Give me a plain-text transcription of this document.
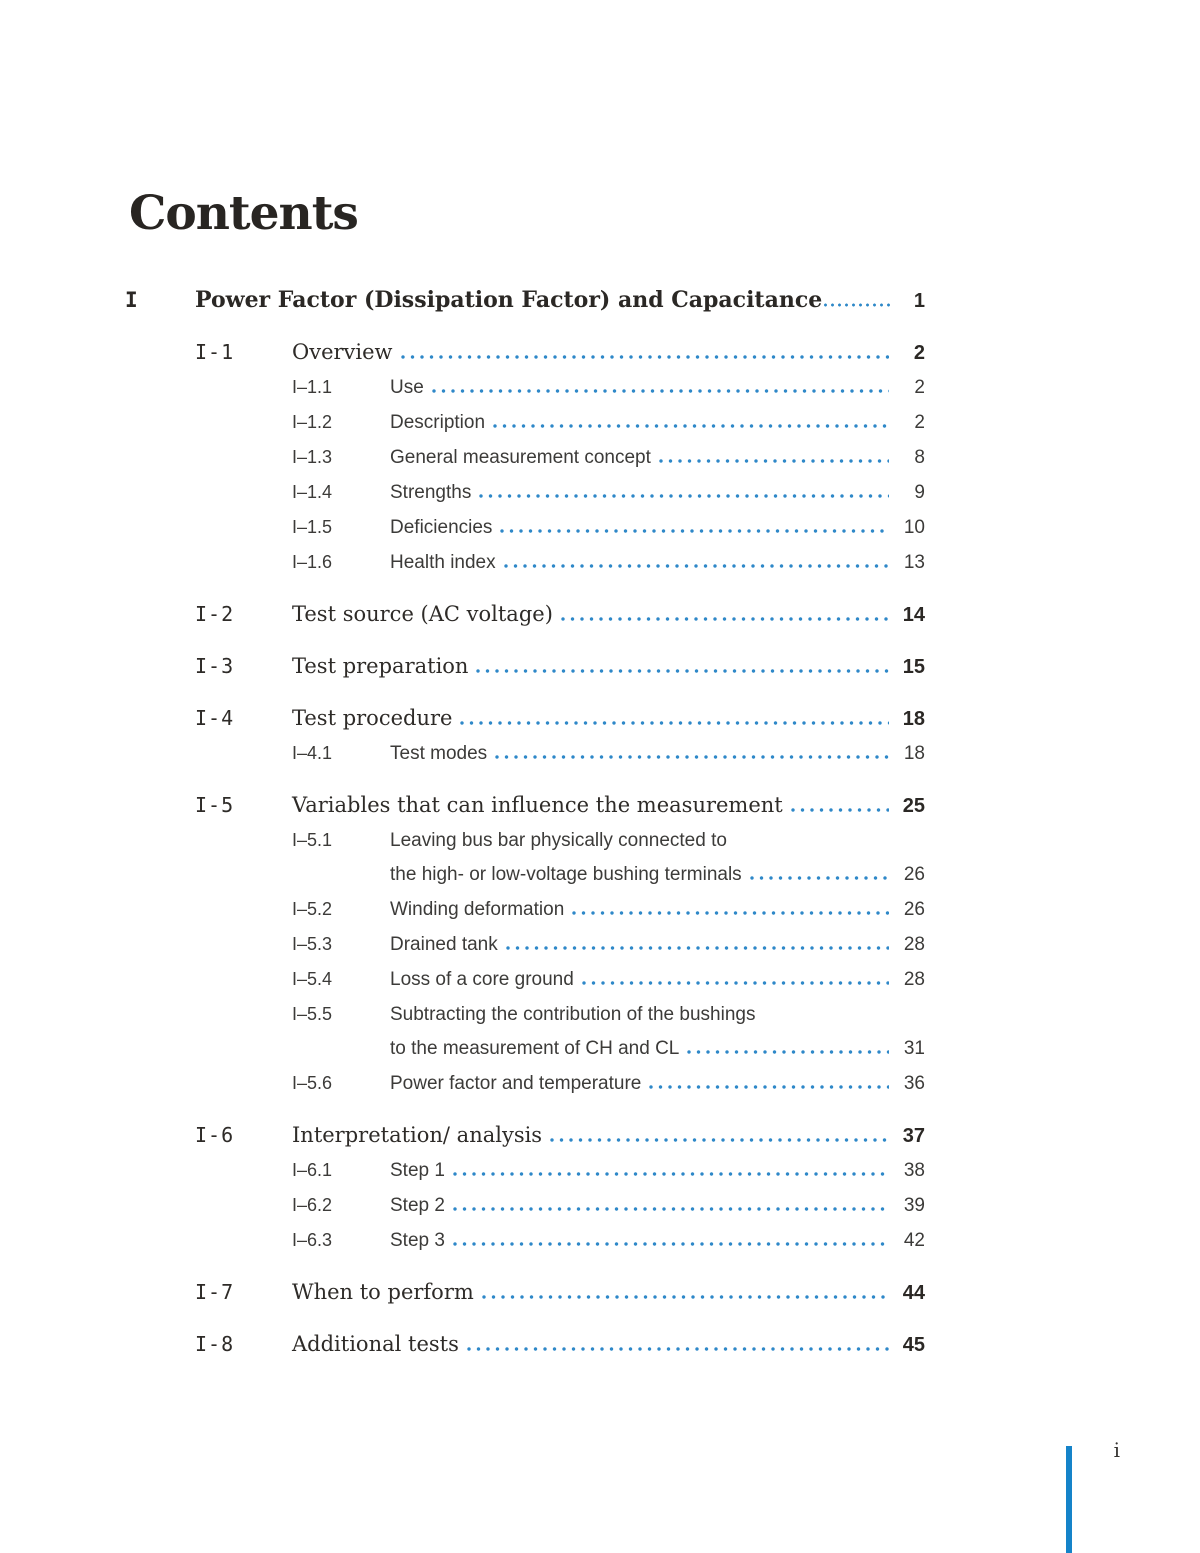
Contents
I	Power Factor (Dissipation Factor) and Capacitance	1
I-1	Overview	2
I–1.1	Use	2
I–1.2	Description	2
I–1.3	General measurement concept	8
I–1.4	Strengths	9
I–1.5	Deficiencies	10
I–1.6	Health index	13
I-2	Test source (AC voltage)	14
I-3	Test preparation	15
I-4	Test procedure	18
I–4.1	Test modes	18
I-5	Variables that can influence the measurement	25
I–5.1	Leaving bus bar physically connected to
the high- or low-voltage bushing terminals	26
I–5.2	Winding deformation	26
I–5.3	Drained tank	28
I–5.4	Loss of a core ground	28
I–5.5	Subtracting the contribution of the bushings
to the measurement of CH and CL	31
I–5.6	Power factor and temperature	36
I-6	Interpretation/ analysis	37
I–6.1	Step 1	38
I–6.2	Step 2	39
I–6.3	Step 3	42
I-7	When to perform	44
I-8	Additional tests	45
i
